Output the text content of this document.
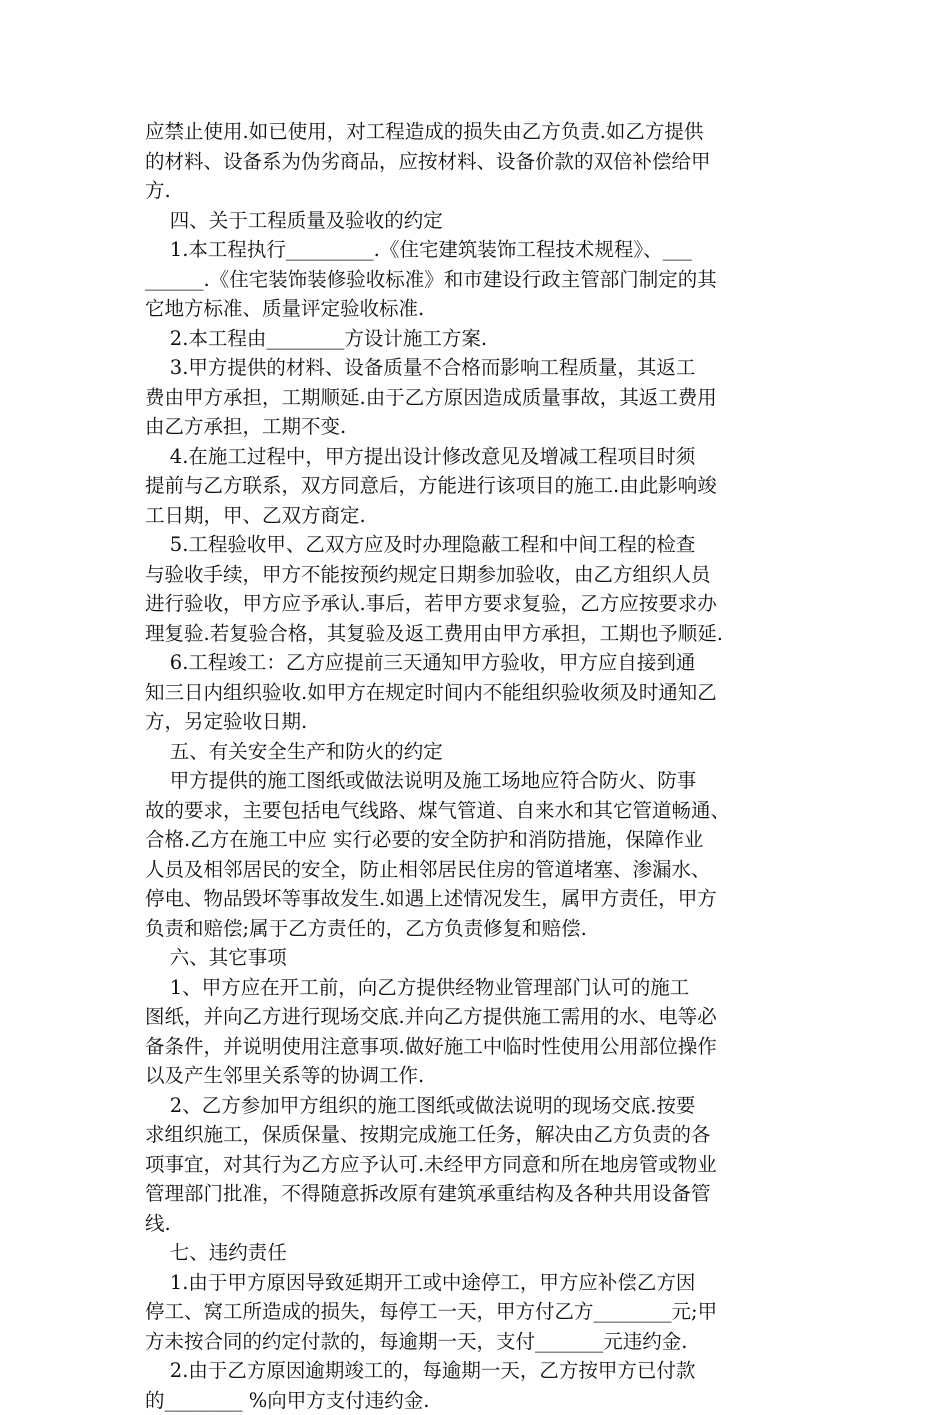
应禁止使用.如已使用，对工程造成的损失由乙方负责.如乙方提供
的材料、设备系为伪劣商品，应按材料、设备价款的双倍补偿给甲
方.
四、关于工程质量及验收的约定
1.本工程执行_________.《住宅建筑装饰工程技术规程》、___
______.《住宅装饰装修验收标准》和市建设行政主管部门制定的其
它地方标准、质量评定验收标准.
2.本工程由________方设计施工方案.
3.甲方提供的材料、设备质量不合格而影响工程质量，其返工
费由甲方承担，工期顺延.由于乙方原因造成质量事故，其返工费用
由乙方承担，工期不变.
4.在施工过程中，甲方提出设计修改意见及增减工程项目时须
提前与乙方联系，双方同意后，方能进行该项目的施工.由此影响竣
工日期，甲、乙双方商定.
5.工程验收甲、乙双方应及时办理隐蔽工程和中间工程的检查
与验收手续，甲方不能按预约规定日期参加验收，由乙方组织人员
进行验收，甲方应予承认.事后，若甲方要求复验，乙方应按要求办
理复验.若复验合格，其复验及返工费用由甲方承担，工期也予顺延.
6.工程竣工：乙方应提前三天通知甲方验收，甲方应自接到通
知三日内组织验收.如甲方在规定时间内不能组织验收须及时通知乙
方，另定验收日期.
五、有关安全生产和防火的约定
甲方提供的施工图纸或做法说明及施工场地应符合防火、防事
故的要求，主要包括电气线路、煤气管道、自来水和其它管道畅通、
合格.乙方在施工中应 实行必要的安全防护和消防措施，保障作业
人员及相邻居民的安全，防止相邻居民住房的管道堵塞、渗漏水、
停电、物品毁坏等事故发生.如遇上述情况发生，属甲方责任，甲方
负责和赔偿;属于乙方责任的，乙方负责修复和赔偿.
六、其它事项
1、甲方应在开工前，向乙方提供经物业管理部门认可的施工
图纸，并向乙方进行现场交底.并向乙方提供施工需用的水、电等必
备条件，并说明使用注意事项.做好施工中临时性使用公用部位操作
以及产生邻里关系等的协调工作.
2、乙方参加甲方组织的施工图纸或做法说明的现场交底.按要
求组织施工，保质保量、按期完成施工任务，解决由乙方负责的各
项事宜，对其行为乙方应予认可.未经甲方同意和所在地房管或物业
管理部门批准，不得随意拆改原有建筑承重结构及各种共用设备管
线.
七、违约责任
1.由于甲方原因导致延期开工或中途停工，甲方应补偿乙方因
停工、窝工所造成的损失，每停工一天，甲方付乙方________元;甲
方未按合同的约定付款的，每逾期一天，支付_______元违约金.
2.由于乙方原因逾期竣工的，每逾期一天，乙方按甲方已付款
的________ %向甲方支付违约金.
